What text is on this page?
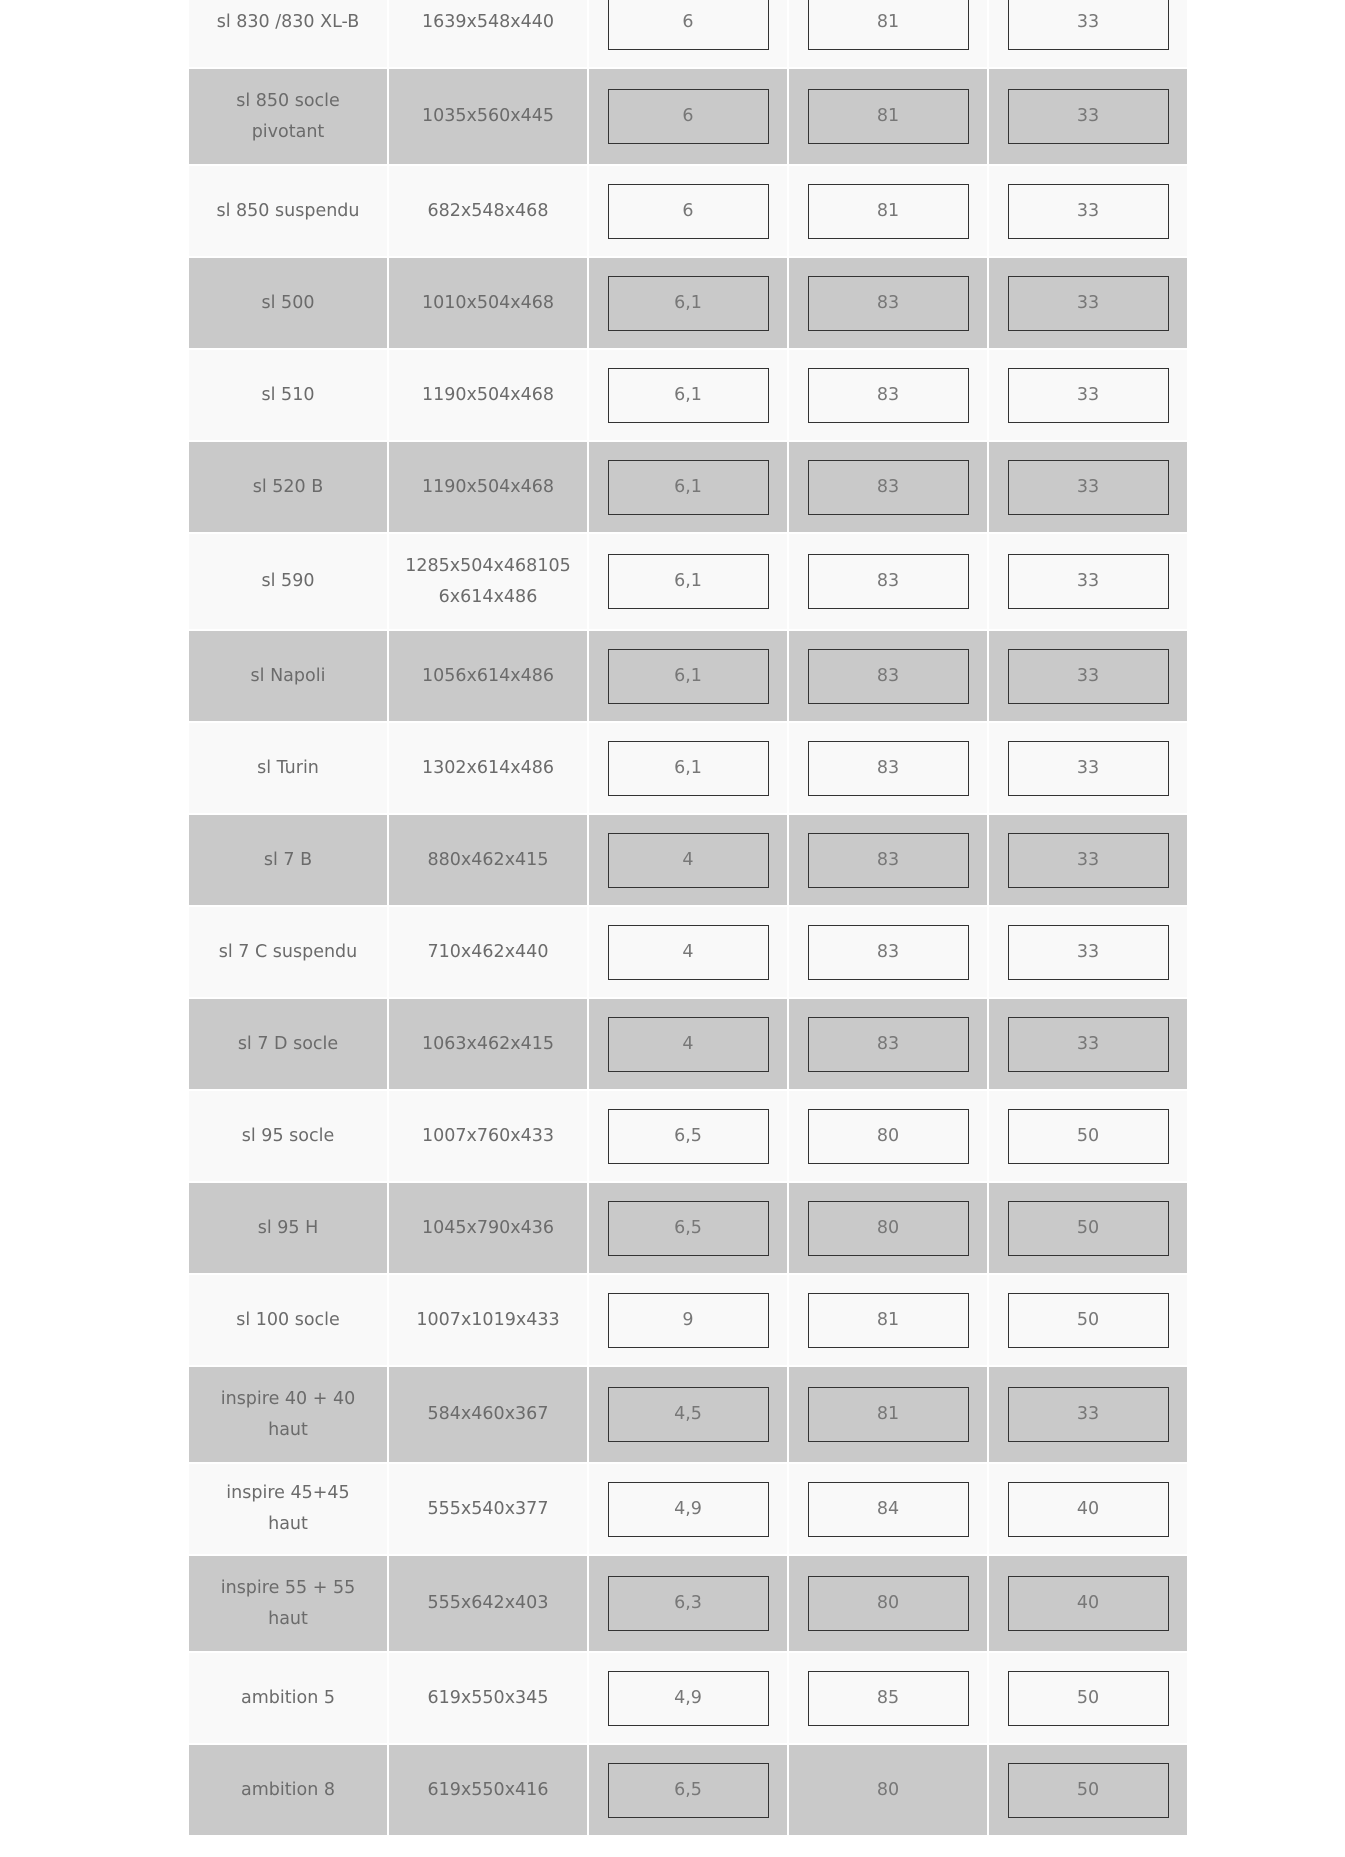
sl 830 /830 XL-B	1639x548x440	6	81	33

sl 850 socle pivotant	1035x560x445	6	81	33

sl 850 suspendu	682x548x468	6	81	33

sl 500	1010x504x468	6,1	83	33

sl 510	1190x504x468	6,1	83	33

sl 520 B	1190x504x468	6,1	83	33

sl 590	1285x504x468105 6x614x486	6,1	83	33

sl Napoli	1056x614x486	6,1	83	33

sl Turin	1302x614x486	6,1	83	33

sl 7 B	880x462x415	4	83	33

sl 7 C suspendu	710x462x440	4	83	33

sl 7 D socle	1063x462x415	4	83	33

sl 95 socle	1007x760x433	6,5	80	50

sl 95 H	1045x790x436	6,5	80	50

sl 100 socle	1007x1019x433	9	81	50

inspire 40 + 40 haut	584x460x367	4,5	81	33

inspire 45+45 haut	555x540x377	4,9	84	40

inspire 55 + 55 haut	555x642x403	6,3	80	40

ambition 5	619x550x345	4,9	85	50

ambition 8	619x550x416	6,5	80	50
